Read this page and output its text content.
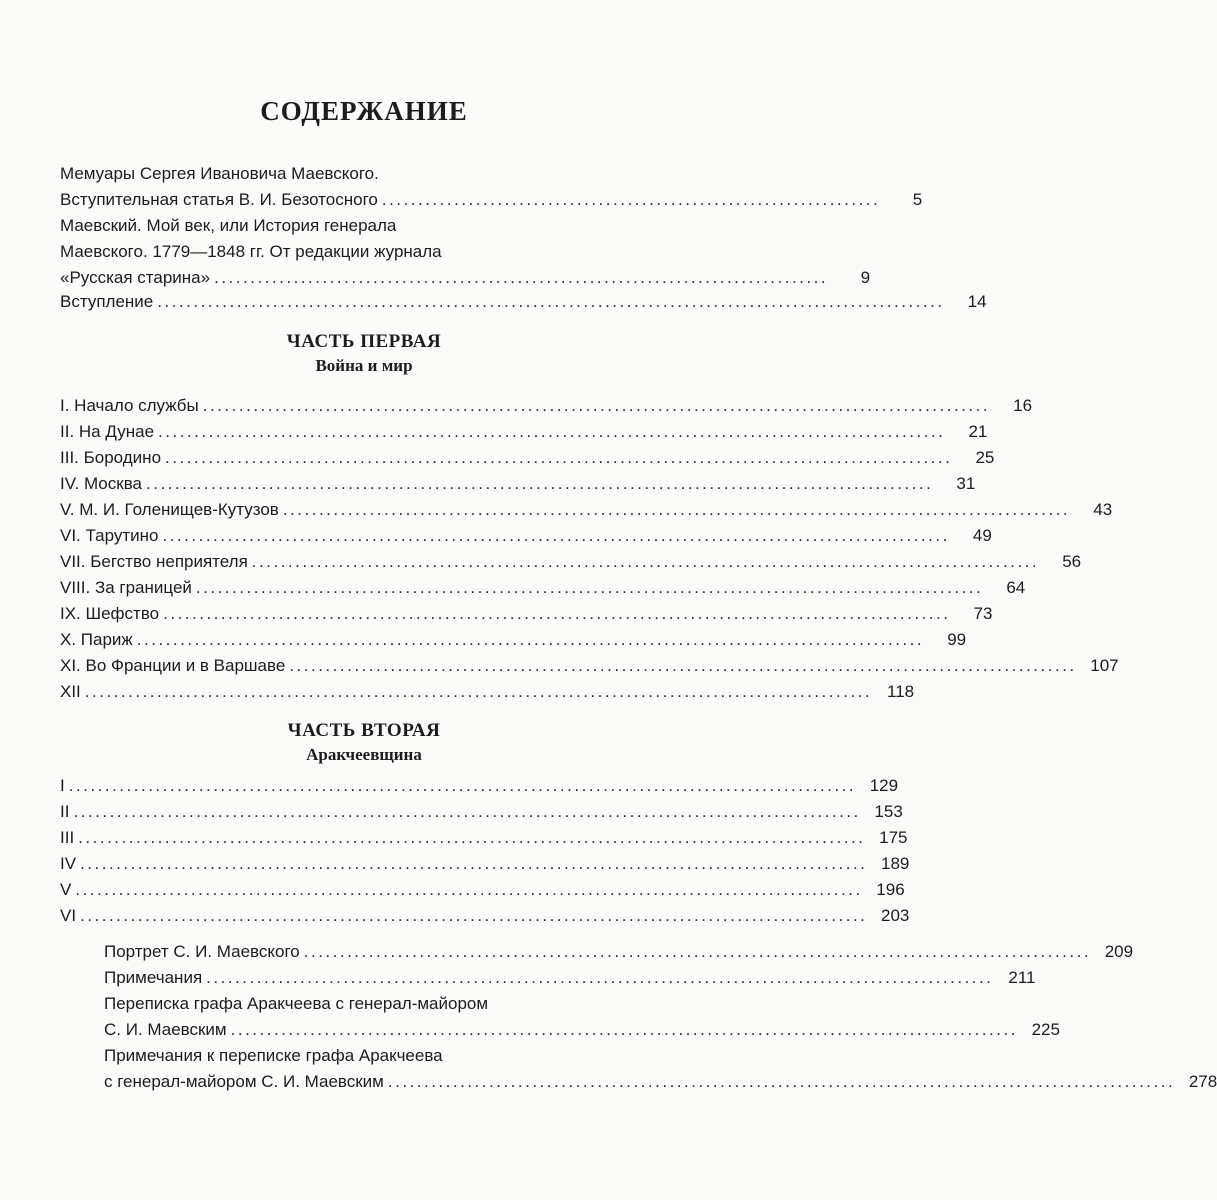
СОДЕРЖАНИЕ
Мемуары Сергея Ивановича Маевского.
Вступительная статья В. И. Безотосного .....................................................................	5
Маевский. Мой век, или История генерала
Маевского. 1779—1848 гг. От редакции журнала
«Русская старина» .....................................................................................	9
Вступление .............................................................................................................	14
ЧАСТЬ ПЕРВАЯ
Война и мир
I. Начало службы .............................................................................................................	16
II. На Дунае .............................................................................................................	21
III. Бородино .............................................................................................................	25
IV. Москва .............................................................................................................	31
V. М. И. Голенищев-Кутузов .............................................................................................................	43
VI. Тарутино .............................................................................................................	49
VII. Бегство неприятеля .............................................................................................................	56
VIII. За границей .............................................................................................................	64
IX. Шефство .............................................................................................................	73
X. Париж .............................................................................................................	99
XI. Во Франции и в Варшаве ............................................................................................................. 107
XII ............................................................................................................. 118
ЧАСТЬ ВТОРАЯ
Аракчеевщина
I ............................................................................................................. 129
II ............................................................................................................. 153
III ............................................................................................................. 175
IV ............................................................................................................. 189
V ............................................................................................................. 196
VI ............................................................................................................. 203
Портрет С. И. Маевского ............................................................................................................. 209
Примечания ............................................................................................................. 211
Переписка графа Аракчеева с генерал-майором
С. И. Маевским ............................................................................................................. 225
Примечания к переписке графа Аракчеева
с генерал-майором С. И. Маевским ............................................................................................................. 278
